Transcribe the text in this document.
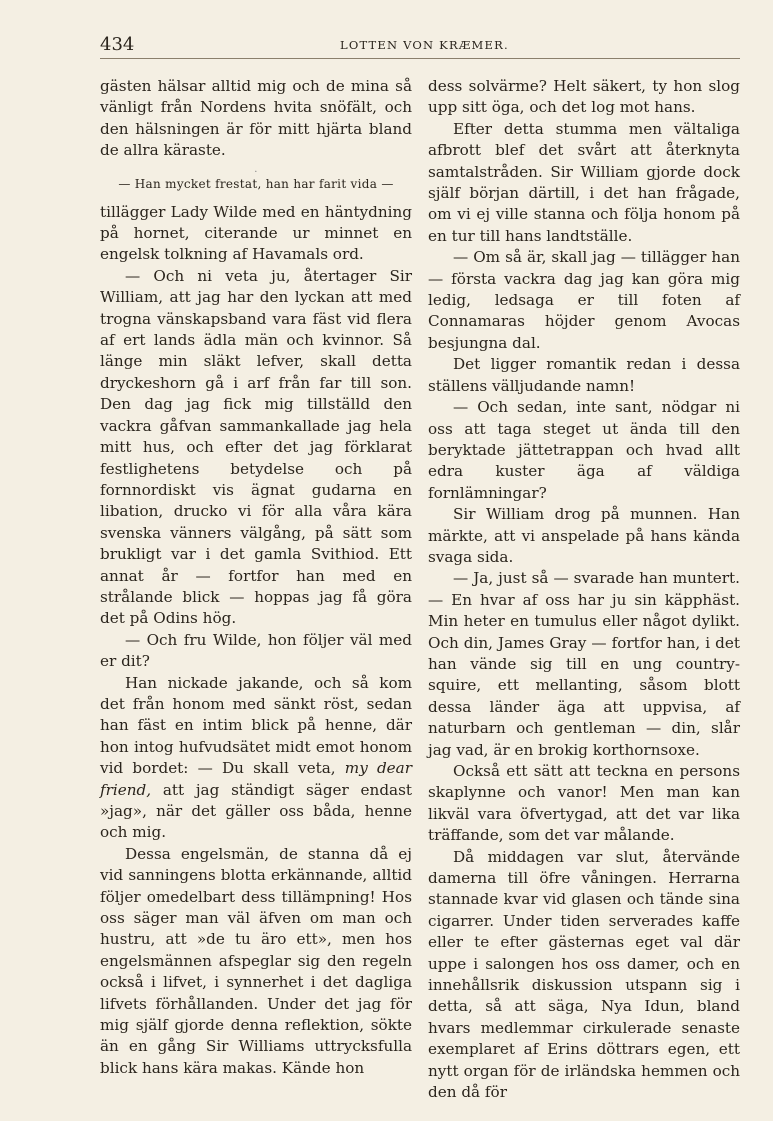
434	LOTTEN VON KRÆMER.

gästen hälsar alltid mig och de mina så vänligt från Nordens hvita snöfält, och den hälsningen är för mitt hjärta bland de allra käraste.

· — Han mycket frestat, han har farit vida —

tillägger Lady Wilde med en häntydning på hornet, citerande ur minnet en engelsk tolkning af Havamals ord.

— Och ni veta ju, återtager Sir William, att jag har den lyckan att med trogna vänskapsband vara fäst vid flera af ert lands ädla män och kvinnor. Så länge min släkt lefver, skall detta dryckeshorn gå i arf från far till son. Den dag jag fick mig tillställd den vackra gåfvan sammankallade jag hela mitt hus, och efter det jag förklarat festlighetens betydelse och på fornnordiskt vis ägnat gudarna en libation, drucko vi för alla våra kära svenska vänners välgång, på sätt som brukligt var i det gamla Svithiod. Ett annat år — fortfor han med en strålande blick — hoppas jag få göra det på Odins hög.

— Och fru Wilde, hon följer väl med er dit?

Han nickade jakande, och så kom det från honom med sänkt röst, sedan han fäst en intim blick på henne, där hon intog hufvudsätet midt emot honom vid bordet: — Du skall veta, my dear friend, att jag ständigt säger endast »jag», när det gäller oss båda, henne och mig.

Dessa engelsmän, de stanna då ej vid sanningens blotta erkännande, alltid följer omedelbart dess tillämpning! Hos oss säger man väl äfven om man och hustru, att »de tu äro ett», men hos engelsmännen afspeglar sig den regeln också i lifvet, i synnerhet i det dagliga lifvets förhållanden. Under det jag för mig själf gjorde denna reflektion, sökte än en gång Sir Williams uttrycksfulla blick hans kära makas. Kände hon

dess solvärme? Helt säkert, ty hon slog upp sitt öga, och det log mot hans.

Efter detta stumma men vältaliga afbrott blef det svårt att återknyta samtalstråden. Sir William gjorde dock själf början därtill, i det han frågade, om vi ej ville stanna och följa honom på en tur till hans landtställe.

— Om så är, skall jag — tillägger han — första vackra dag jag kan göra mig ledig, ledsaga er till foten af Connamaras höjder genom Avocas besjungna dal.

Det ligger romantik redan i dessa ställens välljudande namn!

— Och sedan, inte sant, nödgar ni oss att taga steget ut ända till den beryktade jättetrappan och hvad allt edra kuster äga af väldiga fornlämningar?

Sir William drog på munnen. Han märkte, att vi anspelade på hans kända svaga sida.

— Ja, just så — svarade han muntert. — En hvar af oss har ju sin käpphäst. Min heter en tumulus eller något dylikt. Och din, James Gray — fortfor han, i det han vände sig till en ung country-squire, ett mellanting, såsom blott dessa länder äga att uppvisa, af naturbarn och gentleman — din, slår jag vad, är en brokig korthornsoxe.

Också ett sätt att teckna en persons skaplynne och vanor! Men man kan likväl vara öfvertygad, att det var lika träffande, som det var målande.

Då middagen var slut, återvände damerna till öfre våningen. Herrarna stannade kvar vid glasen och tände sina cigarrer. Under tiden serverades kaffe eller te efter gästernas eget val där uppe i salongen hos oss damer, och en innehållsrik diskussion utspann sig i detta, så att säga, Nya Idun, bland hvars medlemmar cirkulerade senaste exemplaret af Erins döttrars egen, ett nytt organ för de irländska hemmen och den då för
